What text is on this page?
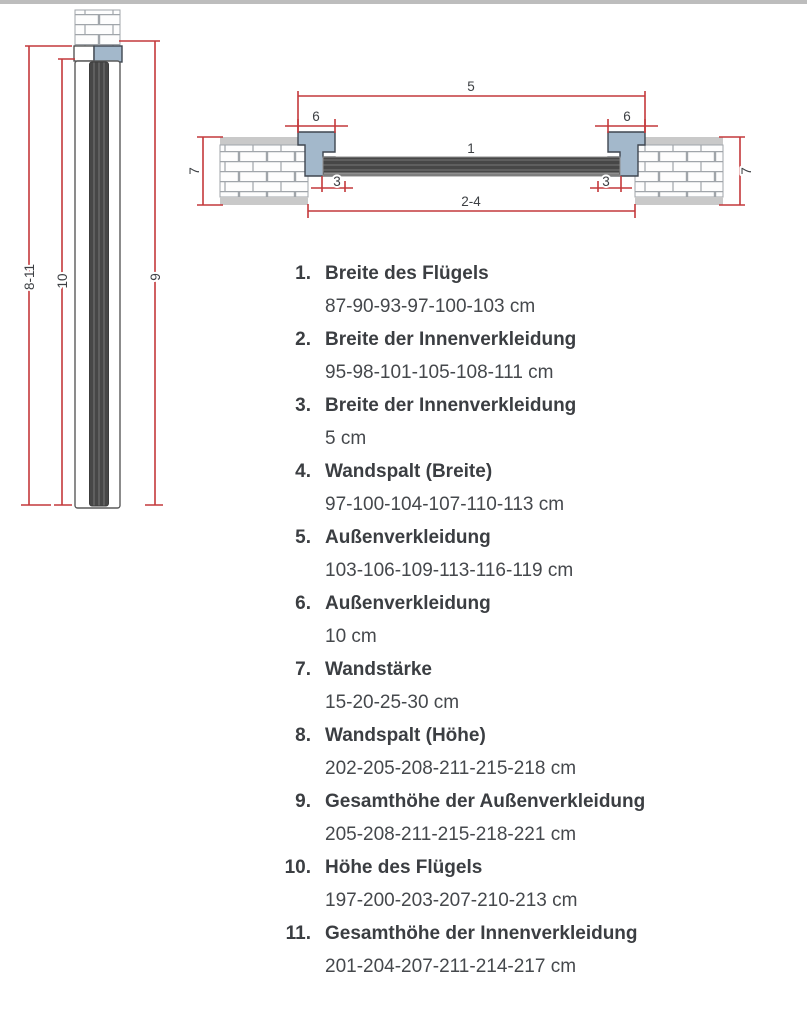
8-11 10	9
5
6	6
1
3	3
2-4
7	7
1. Breite des Flügels
87-90-93-97-100-103 cm
2. Breite der Innenverkleidung
95-98-101-105-108-111 cm
3. Breite der Innenverkleidung
5 cm
4. Wandspalt (Breite)
97-100-104-107-110-113 cm
5. Außenverkleidung
103-106-109-113-116-119 cm
6. Außenverkleidung
10 cm
7. Wandstärke
15-20-25-30 cm
8. Wandspalt (Höhe)
202-205-208-211-215-218 cm
9. Gesamthöhe der Außenverkleidung
205-208-211-215-218-221 cm
10. Höhe des Flügels
197-200-203-207-210-213 cm
11. Gesamthöhe der Innenverkleidung
201-204-207-211-214-217 cm
